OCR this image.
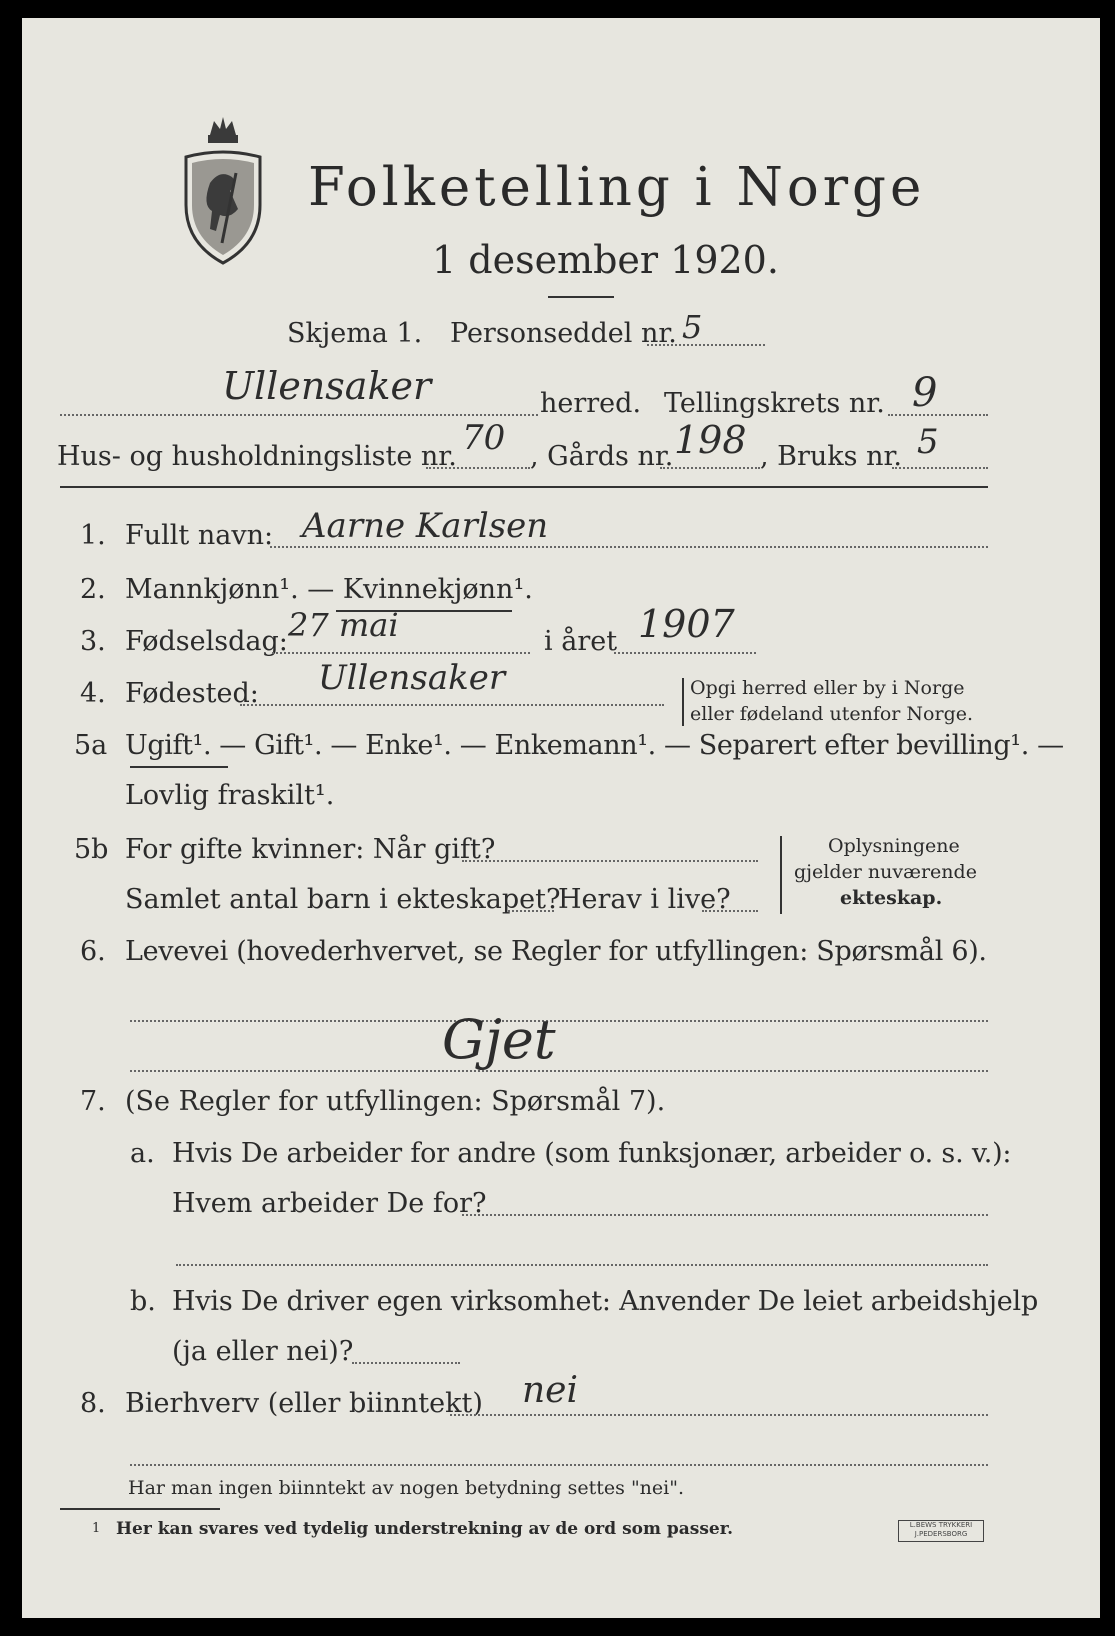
Folketelling i Norge
1 desember 1920.
Skjema 1. Personseddel nr. 5
Ullensaker	herred. Tellingskrets nr. 9
Hus- og husholdningsliste nr. 70 , Gårds nr. 198 , Bruks nr. 5
1. Fullt navn: Aarne Karlsen
2. Mannkjønn¹. — Kvinnekjønn¹.
3. Fødselsdag: 27 mai	i året 1907
4. Fødested: Ullensaker	Opgi herred eller by i Norge
eller fødeland utenfor Norge.
5a Ugift¹. — Gift¹. — Enke¹. — Enkemann¹. — Separert efter bevilling¹. —
Lovlig fraskilt¹.
5b For gifte kvinner: Når gift?
Samlet antal barn i ekteskapet?
Herav i live?
Oplysningene
gjelder nuværende
ekteskap.
6. Levevei (hovederhvervet, se Regler for utfyllingen: Spørsmål 6).
Gjet
7. (Se Regler for utfyllingen: Spørsmål 7).
a. Hvis De arbeider for andre (som funksjonær, arbeider o. s. v.):
Hvem arbeider De for?
b. Hvis De driver egen virksomhet: Anvender De leiet arbeidshjelp
(ja eller nei)?
8. Bierhverv (eller biinntekt) nei
Har man ingen biinntekt av nogen betydning settes "nei".
1 Her kan svares ved tydelig understrekning av de ord som passer.	L.BEWS TRYKKERI
J.PEDERSBORG
